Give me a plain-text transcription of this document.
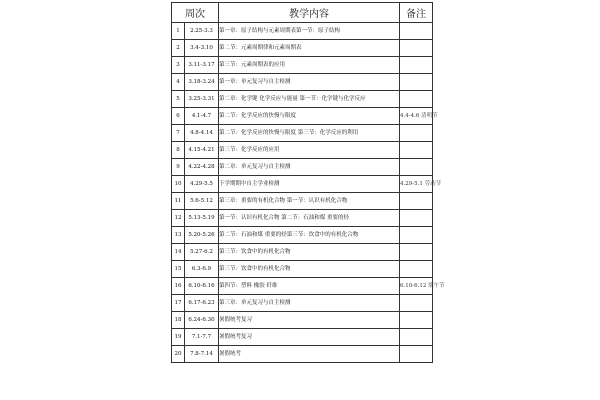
周次		教学内容	备注
1	2.25-3.3	第一章：原子结构与元素周期表第一节：原子结构	
2	3.4-3.10	第二节：元素周期律和元素周期表	
3	3.11-3.17	第三节：元素周期表的应用	
4	3.18-3.24	第一章：单元复习与自主检测	
5	3.25-3.31	第二章：化学键 化学反应与能量 第一节：化学键与化学反应	
6	4.1-4.7	第二节：化学反应的快慢与限度	4.4-4.6 清明节
7	4.8-4.14	第二节：化学反应的快慢与限度 第三节：化学反应的利用	
8	4.15-4.21	第三节：化学反应的应用	
9	4.22-4.28	第二章：单元复习与自主检测	
10	4.29-5.5	下学期期中自主学业检测	4.29-5.1 劳动节
11	5.6-5.12	第三章：重要的有机化合物 第一节：认识有机化合物	
12	5.13-5.19	第一节：认识有机化合物 第二节：石油和煤 重要的烃	
13	5.20-5.26	第二节：石油和煤 重要的烃第三节：饮食中的有机化合物	
14	5.27-6.2	第三节：饮食中的有机化合物	
15	6.3-6.9	第三节：饮食中的有机化合物	
16	6.10-6.16	第四节：塑料 橡胶 纤维	6.10-6.12 端午节
17	6.17-6.23	第三章：单元复习与自主检测	
18	6.24-6.30	暑假统考复习	
19	7.1-7.7	暑假统考复习	
20	7.8-7.14	暑假统考	
